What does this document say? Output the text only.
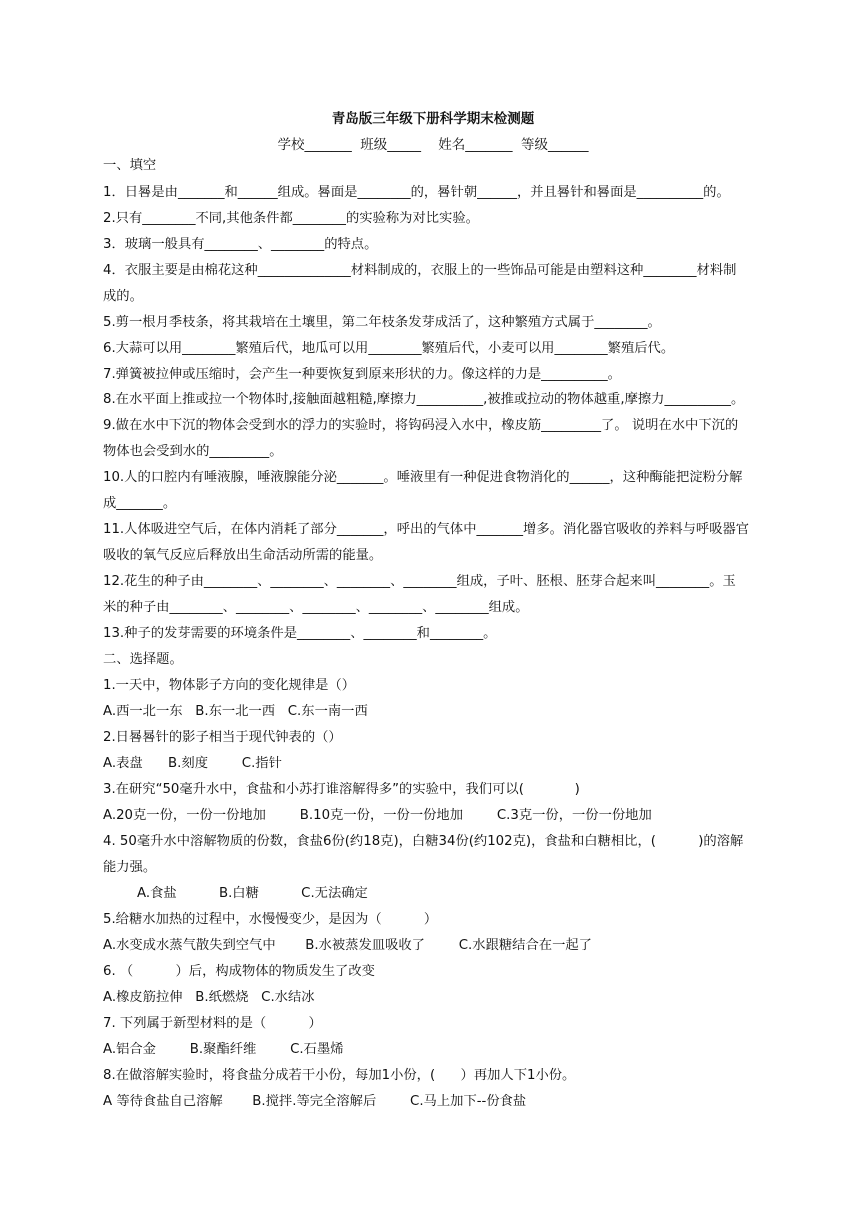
青岛版三年级下册科学期末检测题
学校_______  班级_____    姓名_______  等级______
一、填空
1．日晷是由_______和______组成。晷面是________的，晷针朝______，并且晷针和晷面是__________的。
2.只有________不同,其他条件都________的实验称为对比实验。
3．玻璃一般具有________、________的特点。
4．衣服主要是由棉花这种______________材料制成的，衣服上的一些饰品可能是由塑料这种________材料制
成的。
5.剪一根月季枝条，将其栽培在土壤里，第二年枝条发芽成活了，这种繁殖方式属于________。
6.大蒜可以用________繁殖后代，地瓜可以用________繁殖后代，小麦可以用________繁殖后代。
7.弹簧被拉伸或压缩时，会产生一种要恢复到原来形状的力。像这样的力是__________。
8.在水平面上推或拉一个物体时,接触面越粗糙,摩擦力__________,被推或拉动的物体越重,摩擦力__________。
9.做在水中下沉的物体会受到水的浮力的实验时，将钩码浸入水中，橡皮筋_________了。 说明在水中下沉的
物体也会受到水的_________。
10.人的口腔内有唾液腺，唾液腺能分泌_______。唾液里有一种促进食物消化的______，这种酶能把淀粉分解
成_______。
11.人体吸进空气后，在体内消耗了部分_______，呼出的气体中_______增多。消化器官吸收的养料与呼吸器官
吸收的氧气反应后释放出生命活动所需的能量。
12.花生的种子由________、________、________、________组成，子叶、胚根、胚芽合起来叫________。玉
米的种子由________、________、________、________、________组成。
13.种子的发芽需要的环境条件是________、________和________。
二、选择题。
1.一天中，物体影子方向的变化规律是（）
A.西一北一东   B.东一北一西   C.东一南一西
2.日晷晷针的影子相当于现代钟表的（）
A.表盘      B.刻度        C.指针
3.在研究“50毫升水中，食盐和小苏打谁溶解得多”的实验中，我们可以(            )
A.20克一份，一份一份地加        B.10克一份，一份一份地加        C.3克一份，一份一份地加
4. 50毫升水中溶解物质的份数，食盐6份(约18克)，白糖34份(约102克)，食盐和白糖相比，(          )的溶解
能力强。
A.食盐          B.白糖          C.无法确定
5.给糖水加热的过程中，水慢慢变少，是因为（          ）
A.水变成水蒸气散失到空气中       B.水被蒸发皿吸收了        C.水跟糖结合在一起了
6. （          ）后，构成物体的物质发生了改变
A.橡皮筋拉伸   B.纸燃烧   C.水结冰
7. 下列属于新型材料的是（          ）
A.铝合金        B.聚酯纤维        C.石墨烯
8.在做溶解实验时，将食盐分成若干小份，每加1小份，(      ）再加人下1小份。
A 等待食盐自己溶解       B.搅拌.等完全溶解后        C.马上加下-‐份食盐
